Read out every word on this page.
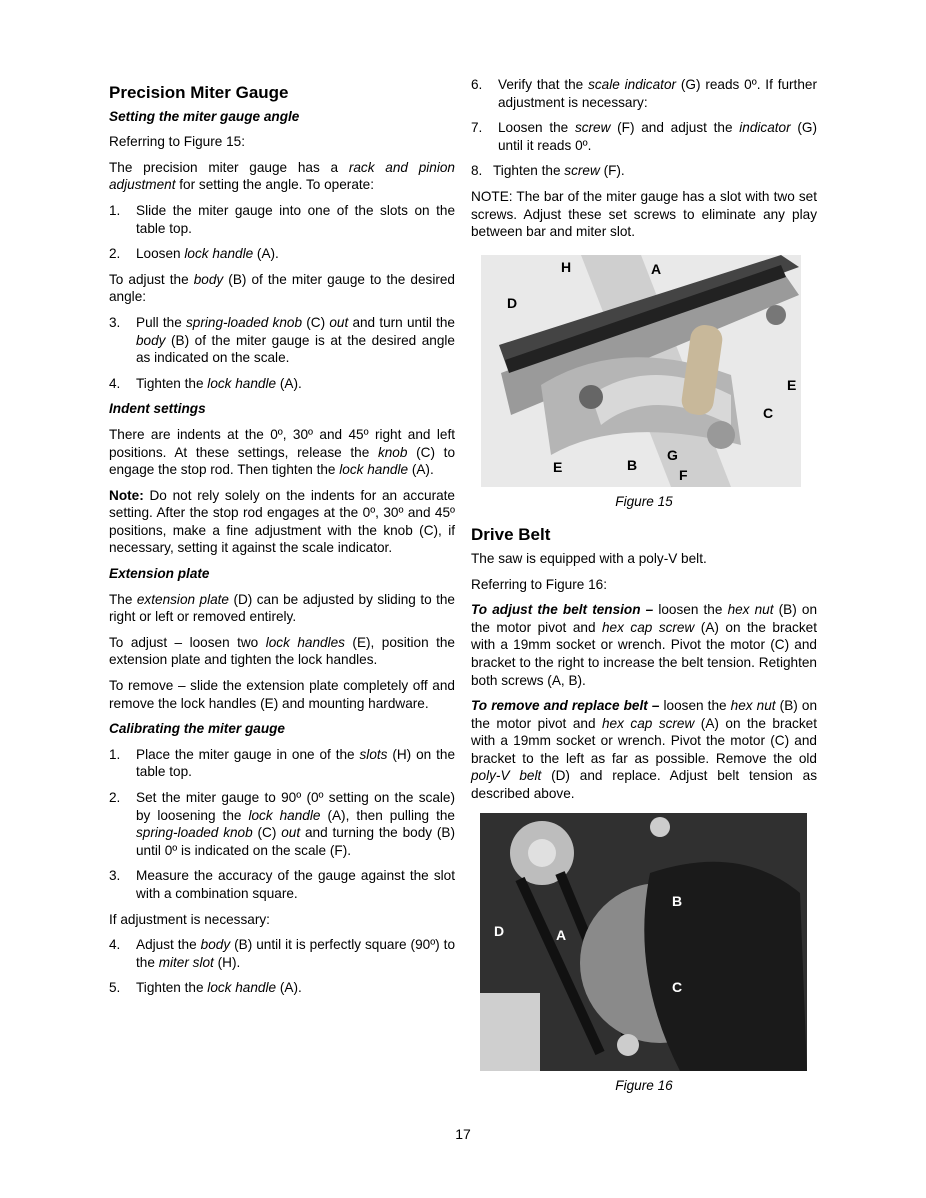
Precision Miter Gauge
Setting the miter gauge angle

Referring to Figure 15:

The precision miter gauge has a rack and pinion adjustment for setting the angle. To operate:

1.	Slide the miter gauge into one of the slots on the table top.
2.	Loosen lock handle (A).

To adjust the body (B) of the miter gauge to the desired angle:

3.	Pull the spring-loaded knob (C) out and turn until the body (B) of the miter gauge is at the desired angle as indicated on the scale.
4.	Tighten the lock handle (A).
Indent settings

There are indents at the 0º, 30º and 45º right and left positions. At these settings, release the knob (C) to engage the stop rod. Then tighten the lock handle (A).

Note: Do not rely solely on the indents for an accurate setting. After the stop rod engages at the 0º, 30º and 45º positions, make a fine adjustment with the knob (C), if necessary, setting it against the scale indicator.

Extension plate

The extension plate (D) can be adjusted by sliding to the right or left or removed entirely.

To adjust – loosen two lock handles (E), position the extension plate and tighten the lock handles.

To remove – slide the extension plate completely off and remove the lock handles (E) and mounting hardware.

Calibrating the miter gauge
1.	Place the miter gauge in one of the slots (H) on the table top.
2.	Set the miter gauge to 90º (0º setting on the scale) by loosening the lock handle (A), then pulling the spring-loaded knob (C) out and turning the body (B) until 0º is indicated on the scale (F).
3.	Measure the accuracy of the gauge against the slot with a combination square.

If adjustment is necessary:

4.	Adjust the body (B) until it is perfectly square (90º) to the miter slot (H).
5.	Tighten the lock handle (A).
6.	Verify that the scale indicator (G) reads 0º. If further adjustment is necessary:
7.	Loosen the screw (F) and adjust the indicator (G) until it reads 0º.
8. Tighten the screw (F).

NOTE: The bar of the miter gauge has a slot with two set screws. Adjust these set screws to eliminate any play between bar and miter slot.

H	A
D
E
C
G
E	B
F
Figure 15
Drive Belt

The saw is equipped with a poly-V belt.

Referring to Figure 16:

To adjust the belt tension – loosen the hex nut (B) on the motor pivot and hex cap screw (A) on the bracket with a 19mm socket or wrench. Pivot the motor (C) and bracket to the right to increase the belt tension. Retighten both screws (A, B).

To remove and replace belt – loosen the hex nut (B) on the motor pivot and hex cap screw (A) on the bracket with a 19mm socket or wrench. Pivot the motor (C) and bracket to the left as far as possible. Remove the old poly-V belt (D) and replace. Adjust belt tension as described above.

B
D	A
C
Figure 16
17
